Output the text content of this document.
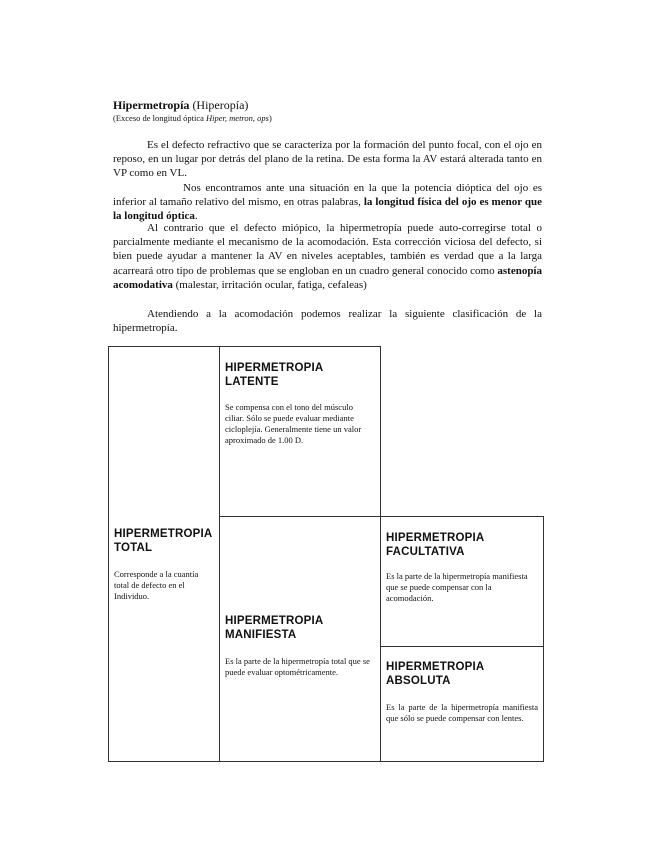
Hipermetropía (Hiperopía)
(Exceso de longitud óptica Hiper, metron, ops)
Es el defecto refractivo que se caracteriza por la formación del punto focal, con el ojo en reposo, en un lugar por detrás del plano de la retina. De esta forma la AV estará alterada tanto en VP como en VL.
Nos encontramos ante una situación en la que la potencia dióptica del ojo es inferior al tamaño relativo del mismo, en otras palabras, la longitud física del ojo es menor que la longitud óptica.
Al contrario que el defecto miópico, la hipermetropía puede auto-corregirse total o parcialmente mediante el mecanismo de la acomodación. Esta corrección viciosa del defecto, si bien puede ayudar a mantener la AV en niveles aceptables, también es verdad que a la larga acarreará otro tipo de problemas que se engloban en un cuadro general conocido como astenopía acomodativa (malestar, irritación ocular, fatiga, cefaleas)
Atendiendo a la acomodación podemos realizar la siguiente clasificación de la hipermetropía.
HIPERMETROPIA TOTAL
Corresponde a la cuantía total de defecto en el Individuo.
HIPERMETROPIA LATENTE
Se compensa con el tono del músculo ciliar. Sólo se puede evaluar mediante cicloplejía. Generalmente tiene un valor aproximado de 1.00 D.
HIPERMETROPIA MANIFIESTA
Es la parte de la hipermetropía total que se puede evaluar optométricamente.
HIPERMETROPIA FACULTATIVA
Es la parte de la hipermetropía manifiesta que se puede compensar con la acomodación.
HIPERMETROPIA ABSOLUTA
Es la parte de la hipermetropía manifiesta que sólo se puede compensar con lentes.
